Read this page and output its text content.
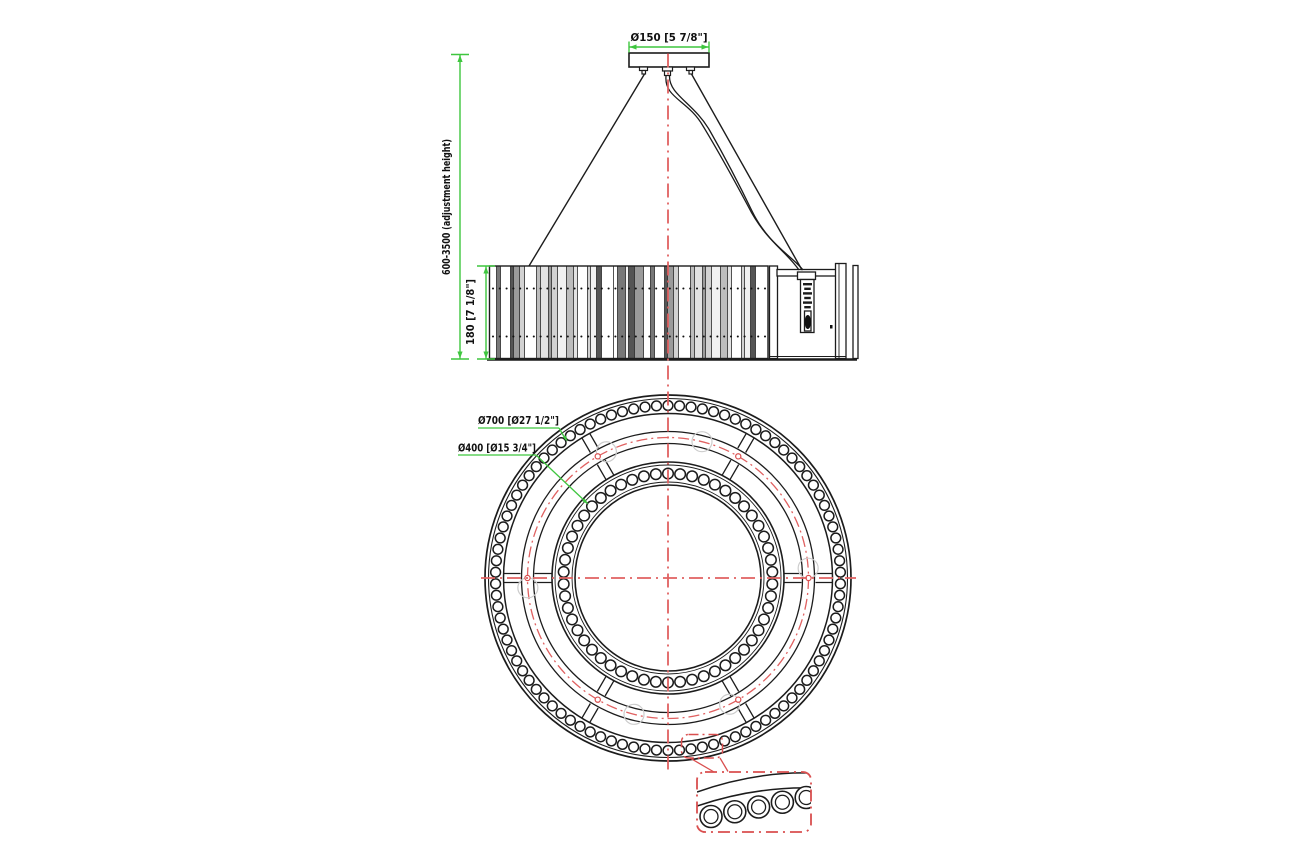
600-3500 (adjustment height)
180 [7 1/8"]
Ø150 [5 7/8"]
Ø700 [Ø27 1/2"]
Ø400 [Ø15 3/4"]
